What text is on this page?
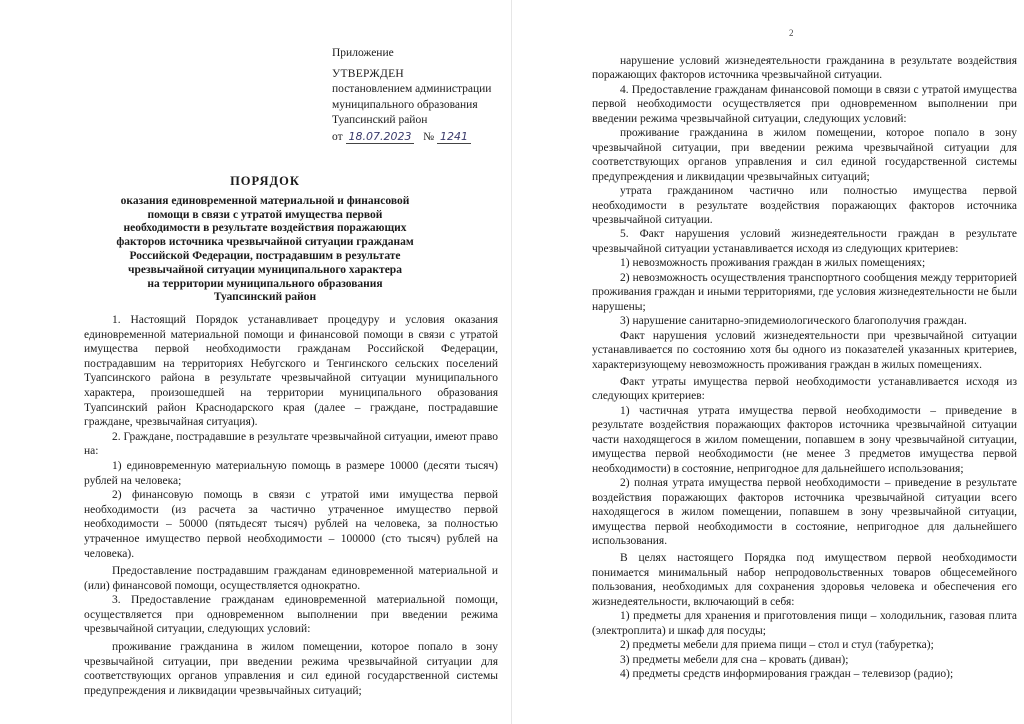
Приложение
УТВЕРЖДЕН
постановлением администрации
муниципального образования
Туапсинский район
от 18.07.2023 № 1241
ПОРЯДОК
оказания единовременной материальной и финансовой
помощи в связи с утратой имущества первой
необходимости в результате воздействия поражающих
факторов источника чрезвычайной ситуации гражданам
Российской Федерации, пострадавшим в результате
чрезвычайной ситуации муниципального характера
на территории муниципального образования
Туапсинский район

1. Настоящий Порядок устанавливает процедуру и условия оказания единовременной материальной помощи и финансовой помощи в связи с утратой имущества первой необходимости гражданам Российской Федерации, пострадавшим на территориях Небугского и Тенгинского сельских поселений Туапсинского района в результате чрезвычайной ситуации муниципального характера, произошедшей на территории муниципального образования Туапсинский район Краснодарского края (далее – граждане, пострадавшие граждане, чрезвычайная ситуация).

2. Граждане, пострадавшие в результате чрезвычайной ситуации, имеют право на:

1) единовременную материальную помощь в размере 10000 (десяти тысяч) рублей на человека;

2) финансовую помощь в связи с утратой ими имущества первой необходимости (из расчета за частично утраченное имущество первой необходимости – 50000 (пятьдесят тысяч) рублей на человека, за полностью утраченное имущество первой необходимости – 100000 (сто тысяч) рублей на человека).

Предоставление пострадавшим гражданам единовременной материальной и (или) финансовой помощи, осуществляется однократно.

3. Предоставление гражданам единовременной материальной помощи, осуществляется при одновременном выполнении при введении режима чрезвычайной ситуации, следующих условий:

проживание гражданина в жилом помещении, которое попало в зону чрезвычайной ситуации, при введении режима чрезвычайной ситуации для соответствующих органов управления и сил единой государственной системы предупреждения и ликвидации чрезвычайных ситуаций;

2

нарушение условий жизнедеятельности гражданина в результате воздействия поражающих факторов источника чрезвычайной ситуации.

4. Предоставление гражданам финансовой помощи в связи с утратой имущества первой необходимости осуществляется при одновременном выполнении при введении режима чрезвычайной ситуации, следующих условий:

проживание гражданина в жилом помещении, которое попало в зону чрезвычайной ситуации, при введении режима чрезвычайной ситуации для соответствующих органов управления и сил единой государственной системы предупреждения и ликвидации чрезвычайных ситуаций;

утрата гражданином частично или полностью имущества первой необходимости в результате воздействия поражающих факторов источника чрезвычайной ситуации.

5. Факт нарушения условий жизнедеятельности граждан в результате чрезвычайной ситуации устанавливается исходя из следующих критериев:

1) невозможность проживания граждан в жилых помещениях;

2) невозможность осуществления транспортного сообщения между территорией проживания граждан и иными территориями, где условия жизнедеятельности не были нарушены;

3) нарушение санитарно-эпидемиологического благополучия граждан.

Факт нарушения условий жизнедеятельности при чрезвычайной ситуации устанавливается по состоянию хотя бы одного из показателей указанных критериев, характеризующему невозможность проживания граждан в жилых помещениях.

Факт утраты имущества первой необходимости устанавливается исходя из следующих критериев:

1) частичная утрата имущества первой необходимости – приведение в результате воздействия поражающих факторов источника чрезвычайной ситуации части находящегося в жилом помещении, попавшем в зону чрезвычайной ситуации, имущества первой необходимости (не менее 3 предметов имущества первой необходимости) в состояние, непригодное для дальнейшего использования;

2) полная утрата имущества первой необходимости – приведение в результате воздействия поражающих факторов источника чрезвычайной ситуации всего находящегося в жилом помещении, попавшем в зону чрезвычайной ситуации, имущества первой необходимости в состояние, непригодное для дальнейшего использования.

В целях настоящего Порядка под имуществом первой необходимости понимается минимальный набор непродовольственных товаров общесемейного пользования, необходимых для сохранения здоровья человека и обеспечения его жизнедеятельности, включающий в себя:

1) предметы для хранения и приготовления пищи – холодильник, газовая плита (электроплита) и шкаф для посуды;

2) предметы мебели для приема пищи – стол и стул (табуретка);

3) предметы мебели для сна – кровать (диван);

4) предметы средств информирования граждан – телевизор (радио);
